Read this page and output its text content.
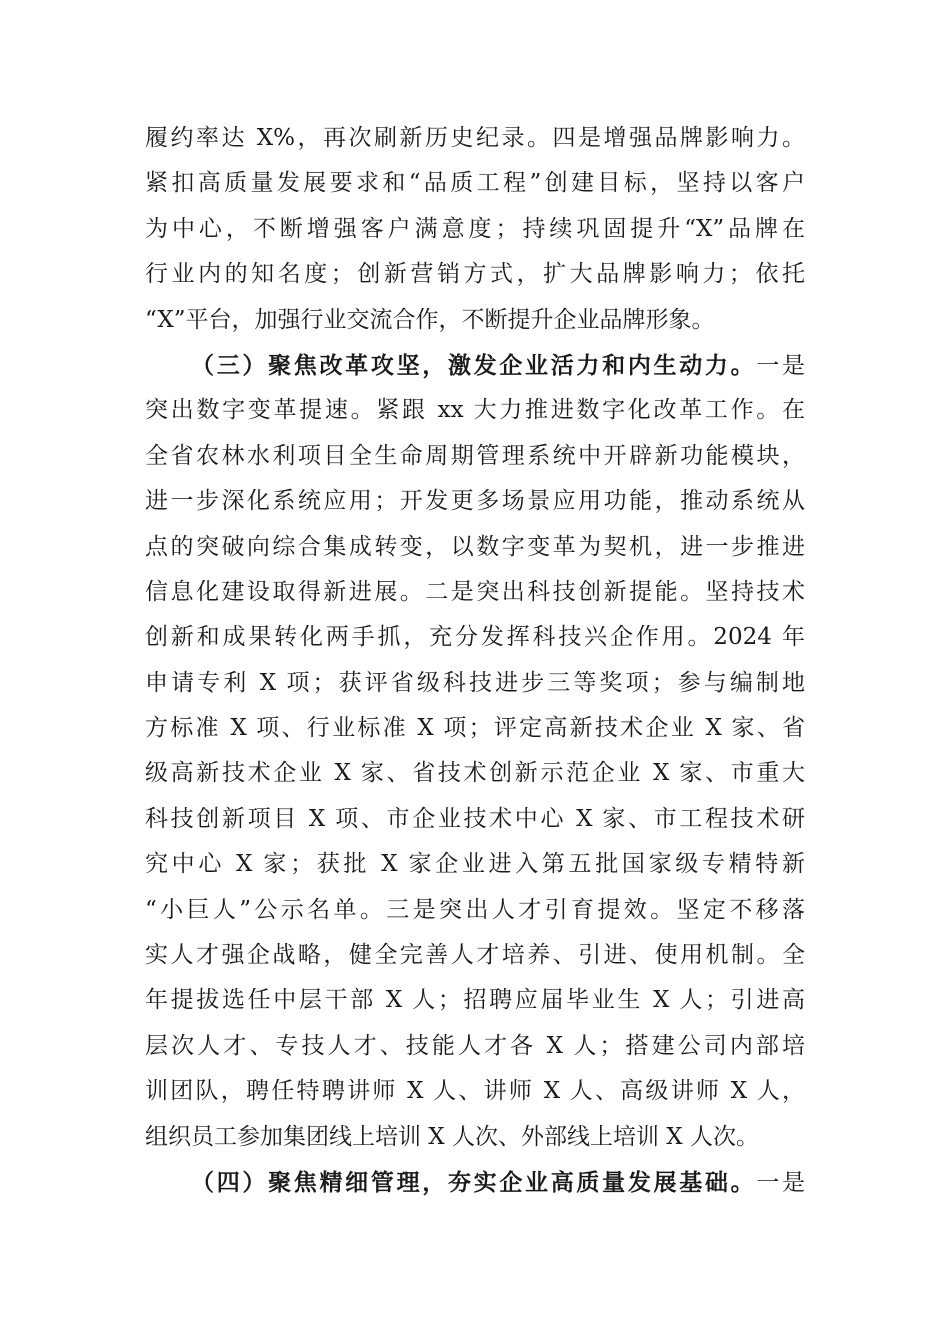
履约率达 X%，再次刷新历史纪录。四是增强品牌影响力。
紧扣高质量发展要求和“品质工程”创建目标，坚持以客户
为中心，不断增强客户满意度；持续巩固提升“X”品牌在
行业内的知名度；创新营销方式，扩大品牌影响力；依托
“X”平台，加强行业交流合作，不断提升企业品牌形象。
（三）聚焦改革攻坚，激发企业活力和内生动力。一是
突出数字变革提速。紧跟 xx 大力推进数字化改革工作。在
全省农林水利项目全生命周期管理系统中开辟新功能模块，
进一步深化系统应用；开发更多场景应用功能，推动系统从
点的突破向综合集成转变，以数字变革为契机，进一步推进
信息化建设取得新进展。二是突出科技创新提能。坚持技术
创新和成果转化两手抓，充分发挥科技兴企作用。2024 年
申请专利 X 项；获评省级科技进步三等奖项；参与编制地
方标准 X 项、行业标准 X 项；评定高新技术企业 X 家、省
级高新技术企业 X 家、省技术创新示范企业 X 家、市重大
科技创新项目 X 项、市企业技术中心 X 家、市工程技术研
究中心 X 家；获批 X 家企业进入第五批国家级专精特新
“小巨人”公示名单。三是突出人才引育提效。坚定不移落
实人才强企战略，健全完善人才培养、引进、使用机制。全
年提拔选任中层干部 X 人；招聘应届毕业生 X 人；引进高
层次人才、专技人才、技能人才各 X 人；搭建公司内部培
训团队，聘任特聘讲师 X 人、讲师 X 人、高级讲师 X 人，
组织员工参加集团线上培训 X 人次、外部线上培训 X 人次。
（四）聚焦精细管理，夯实企业高质量发展基础。一是
